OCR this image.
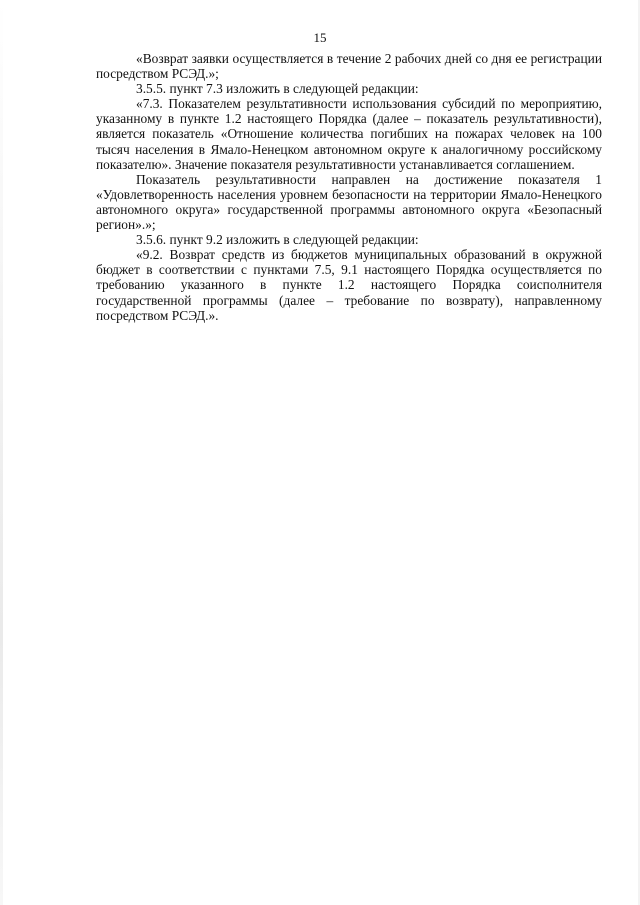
15

«Возврат заявки осуществляется в течение 2 рабочих дней со дня ее регистрации посредством РСЭД.»;

3.5.5. пункт 7.3 изложить в следующей редакции:

«7.3. Показателем результативности использования субсидий по мероприятию, указанному в пункте 1.2 настоящего Порядка (далее – показатель результативности), является показатель «Отношение количества погибших на пожарах человек на 100 тысяч населения в Ямало-Ненецком автономном округе к аналогичному российскому показателю». Значение показателя результативности устанавливается соглашением.

Показатель результативности направлен на достижение показателя 1 «Удовлетворенность населения уровнем безопасности на территории Ямало-Ненецкого автономного округа» государственной программы автономного округа «Безопасный регион».»;

3.5.6. пункт 9.2 изложить в следующей редакции:

«9.2. Возврат средств из бюджетов муниципальных образований в окружной бюджет в соответствии с пунктами 7.5, 9.1 настоящего Порядка осуществляется по требованию указанного в пункте 1.2 настоящего Порядка соисполнителя государственной программы (далее – требование по возврату), направленному посредством РСЭД.».
